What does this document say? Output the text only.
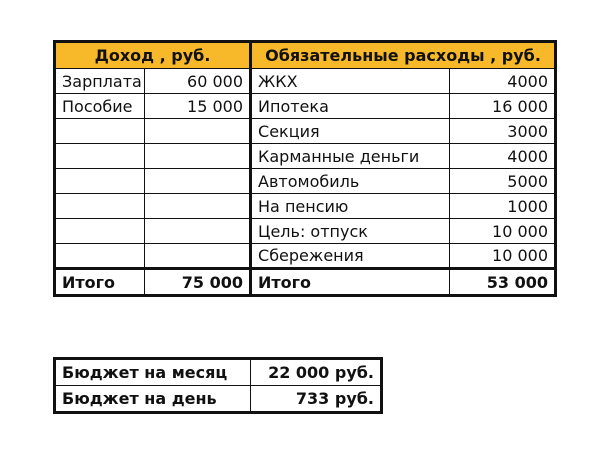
Доход , руб.		Обязательные расходы , руб.	
Зарплата	60 000	ЖКХ	4000
Пособие	15 000	Ипотека	16 000
		Секция	3000
		Карманные деньги	4000
		Автомобиль	5000
		На пенсию	1000
		Цель: отпуск	10 000
		Сбережения	10 000
Итого	75 000	Итого	53 000
Бюджет на месяц	22 000 руб.
Бюджет на день	733 руб.
